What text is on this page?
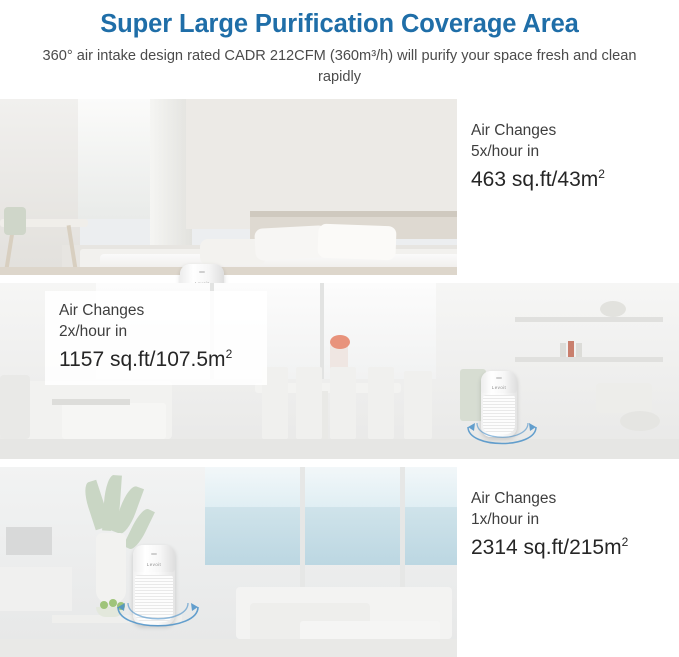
Super Large Purification Coverage Area
360° air intake design rated CADR 212CFM (360m³/h) will purify your space fresh and clean rapidly
Air Changes
5x/hour in
463 $sq.ft/43m^2$
Levoit
Air Changes
2x/hour in
1157 $sq.ft/107.5m^2$
Levoit
Air Changes
1x/hour in
2314 $sq.ft/215m^2$
